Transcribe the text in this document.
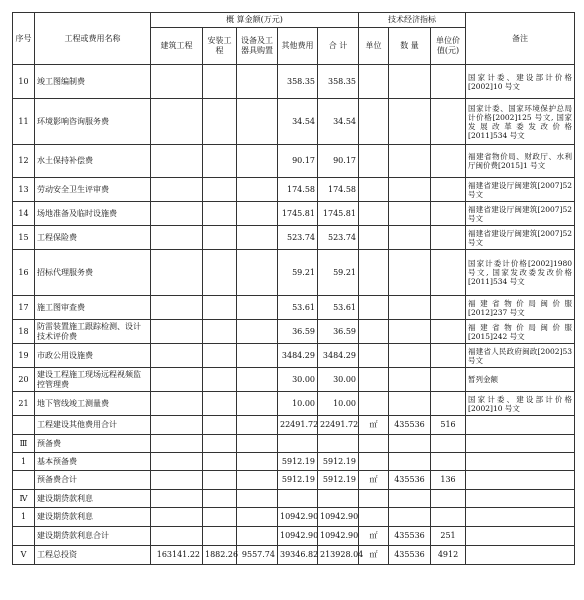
序号	工程或费用名称	概 算金额(万元)					技术经济指标			备注
		建筑工程	安装工程	设备及工器具购置	其他费用	合 计	单位	数 量	单位价值(元)	
10	竣工图编制费				358.35	358.35				国家计委、建设部计价格[2002]10 号文
11	环境影响咨询服务费				34.54	34.54				国家计委、国家环境保护总局计价格[2002]125 号文, 国家发展改革委发改价格[2011]534 号文
12	水土保持补偿费				90.17	90.17				福建省物价局、财政厅、水利厅闽价费[2015]1 号文
13	劳动安全卫生评审费				174.58	174.58				福建省建设厅闽建筑[2007]52 号文
14	场地准备及临时设施费				1745.81	1745.81				福建省建设厅闽建筑[2007]52 号文
15	工程保险费				523.74	523.74				福建省建设厅闽建筑[2007]52 号文
16	招标代理服务费				59.21	59.21				国家计委计价格[2002]1980 号文, 国家发改委发改价格[2011]534 号文
17	施工图审查费				53.61	53.61				福建省物价局闽价服[2012]237 号文
18	防雷装置施工跟踪检测、设计技术评价费				36.59	36.59				福建省物价局闽价服[2015]242 号文
19	市政公用设施费				3484.29	3484.29				福建省人民政府闽政[2002]53 号文
20	建设工程施工现场远程视频监控管理费				30.00	30.00				暂列金额
21	地下管线竣工测量费				10.00	10.00				国家计委、建设部计价格[2002]10 号文
	工程建设其他费用合计				22491.72	22491.72	㎡	435536	516	
Ⅲ	预备费									
1	基本预备费				5912.19	5912.19				
	预备费合计				5912.19	5912.19	㎡	435536	136	
Ⅳ	建设期贷款利息									
1	建设期贷款利息				10942.90	10942.90				
	建设期贷款利息合计				10942.90	10942.90	㎡	435536	251	
Ⅴ	工程总投资	163141.22	1882.26	9557.74	39346.82	213928.04	㎡	435536	4912	
